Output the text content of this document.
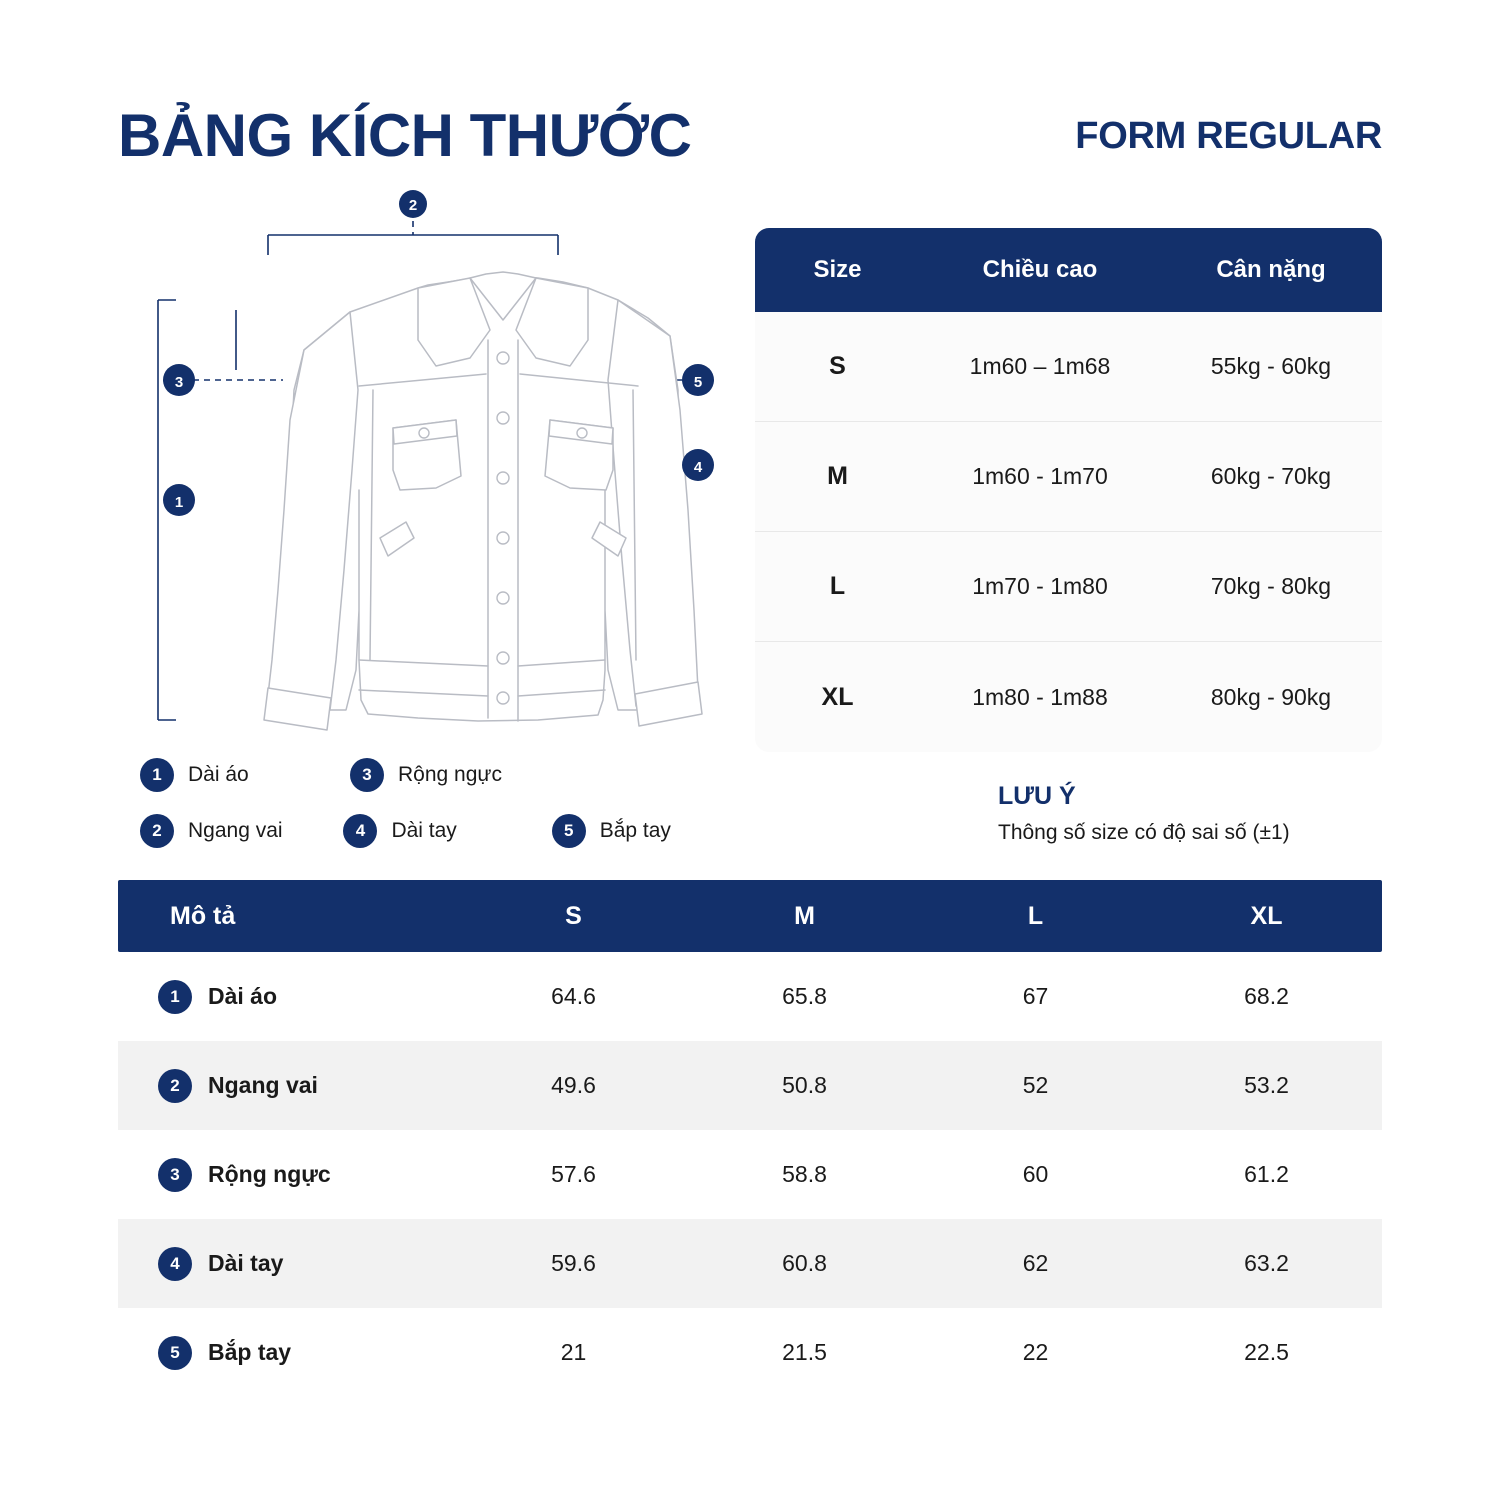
BẢNG KÍCH THƯỚC	FORM REGULAR
2
1
3	5
4
1	Dài áo	3	Rộng ngực
2	Ngang vai	4	Dài tay	5	Bắp tay
Size	Chiều cao	Cân nặng
S	1m60 – 1m68	55kg - 60kg
M	1m60 - 1m70	60kg - 70kg
L	1m70 - 1m80	70kg - 80kg
XL	1m80 - 1m88	80kg - 90kg

LƯU Ý

Thông số size có độ sai số (±1)

Mô tả	S	M	L	XL
1	Dài áo	64.6	65.8	67	68.2
2	Ngang vai	49.6	50.8	52	53.2
3	Rộng ngực	57.6	58.8	60	61.2
4	Dài tay	59.6	60.8	62	63.2
5	Bắp tay	21	21.5	22	22.5
